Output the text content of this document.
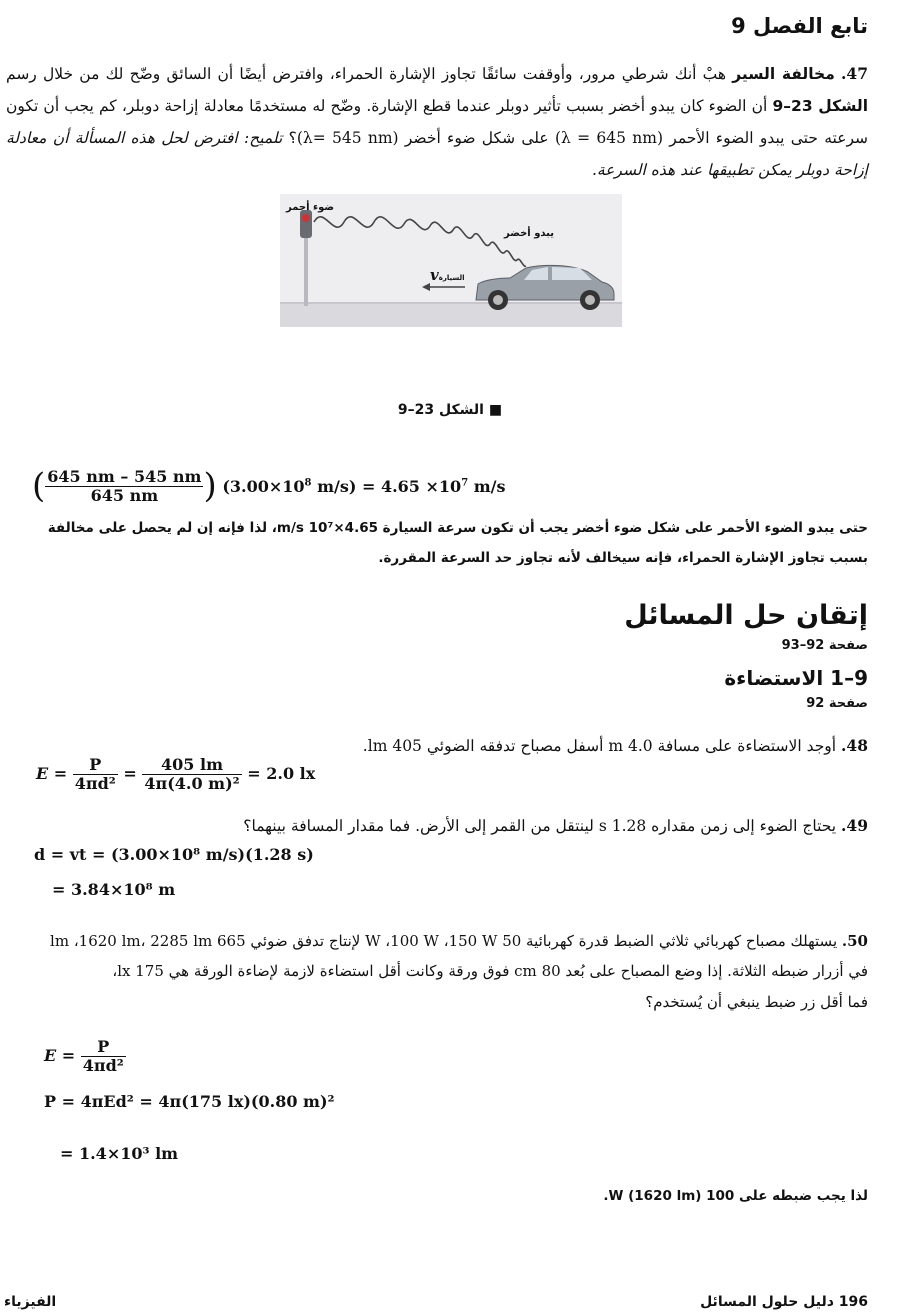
تابع الفصل 9
47. مخالفة السير هبْ أنك شرطي مرور، وأوقفت سائقًا تجاوز الإشارة الحمراء، وافترض أيضًا أن السائق وضّح لك من خلال رسم الشكل 23–9 أن الضوء كان يبدو أخضر بسبب تأثير دوبلر عندما قطع الإشارة. وضّح له مستخدمًا معادلة إزاحة دوبلر، كم يجب أن تكون سرعته حتى يبدو الضوء الأحمر (λ = 645 nm) على شكل ضوء أخضر (λ= 545 nm)؟ تلميح: افترض لحل هذه المسألة أن معادلة إزاحة دوبلر يمكن تطبيقها عند هذه السرعة.
ضوء أحمر
يبدو أخضر
vالسيارة
■ الشكل 23–9
( $\frac{645 nm - 545 nm}{645 nm}$ ) ($3.00\times 10^8$ $m/s) = 4.65 \times 10^7$ m/s
حتى يبدو الضوء الأحمر على شكل ضوء أخضر يجب أن تكون سرعة السيارة 4.65×10⁷ m/s، لذا فإنه إن لم يحصل على مخالفة
بسبب تجاوز الإشارة الحمراء، فإنه سيخالف لأنه تجاوز حد السرعة المقررة.
إتقان حل المسائل
صفحة 92–93
9–1 الاستضاءة
صفحة 92
48. أوجد الاستضاءة على مسافة 4.0 m أسفل مصباح تدفقه الضوئي 405 lm.
$E = \frac{P}{\text{4πd²}} = \frac{405 lm}{\text{4π(4.0 m)²}} = 2.0$ lx
49. يحتاج الضوء إلى زمن مقداره 1.28 s لينتقل من القمر إلى الأرض. فما مقدار المسافة بينهما؟
d = vt = (3.00×10⁸ m/s)(1.28 s)
= 3.84×10⁸ m
50. يستهلك مصباح كهربائي ثلاثي الضبط قدرة كهربائية 50 W ،100 W ،150 W لإنتاج تدفق ضوئي 665 lm ،1620 lm، 2285 lm
في أزرار ضبطه الثلاثة. إذا وضع المصباح على بُعد 80 cm فوق ورقة وكانت أقل استضاءة لازمة لإضاءة الورقة هي 175 lx،
فما أقل زر ضبط ينبغي أن يُستخدم؟
$E = \frac{P}{\text{4πd²}}$
P = 4πEd² = 4π(175 lx)(0.80 m)²
= 1.4×10³ lm
لذا يجب ضبطه على 100 W (1620 lm).
196 دليل حلول المسائل
الفيزياء
